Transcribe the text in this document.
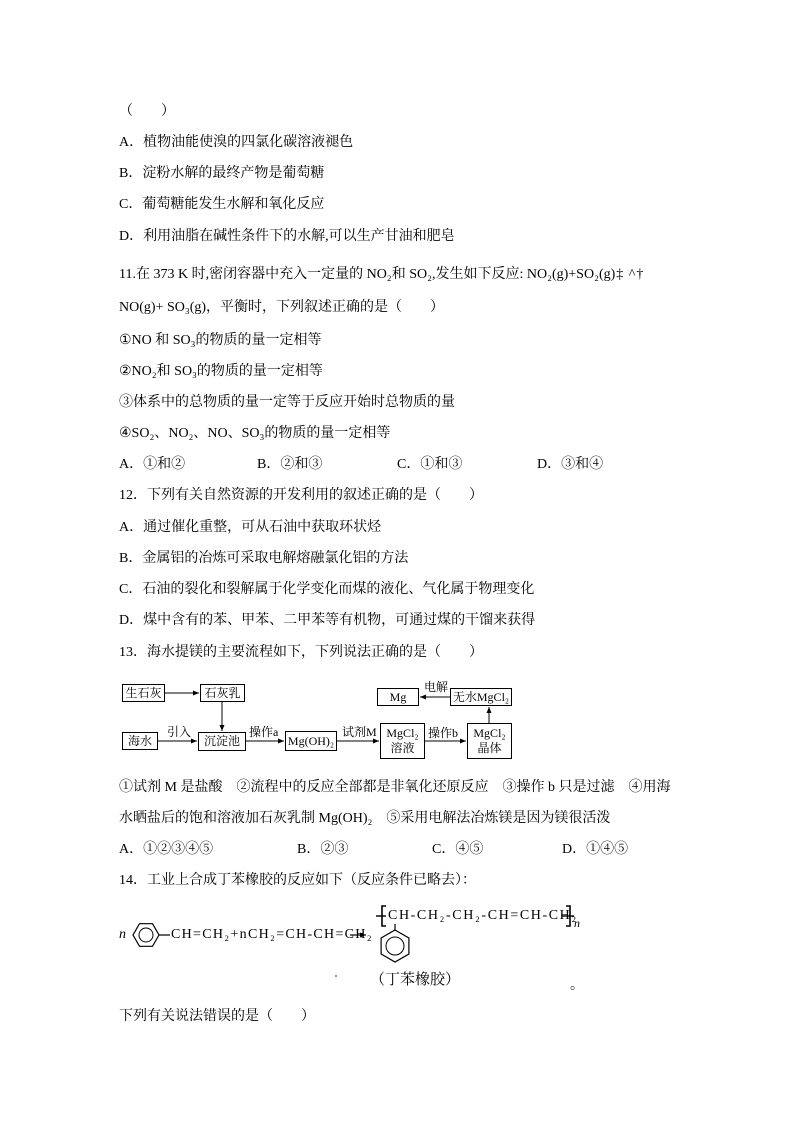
（　　）
A．植物油能使溴的四氯化碳溶液褪色
B．淀粉水解的最终产物是葡萄糖
C．葡萄糖能发生水解和氧化反应
D．利用油脂在碱性条件下的水解,可以生产甘油和肥皂
11.在 373 K 时,密闭容器中充入一定量的 NO₂和 SO₂,发生如下反应: NO₂(g)+SO₂(g)‡ ^†
NO(g)+ SO₃(g)，平衡时，下列叙述正确的是（　　）
①NO 和 SO₃的物质的量一定相等
②NO₂和 SO₃的物质的量一定相等
③体系中的总物质的量一定等于反应开始时总物质的量
④SO₂、NO₂、NO、SO₃的物质的量一定相等
A．①和②	B．②和③	C．①和③	D．③和④
12．下列有关自然资源的开发利用的叙述正确的是（　　）
A．通过催化重整，可从石油中获取环状烃
B．金属铝的冶炼可采取电解熔融氯化铝的方法
C．石油的裂化和裂解属于化学变化而煤的液化、气化属于物理变化
D．煤中含有的苯、甲苯、二甲苯等有机物，可通过煤的干馏来获得
13．海水提镁的主要流程如下，下列说法正确的是（　　）
生石灰	石灰乳
海水	沉淀池	Mg(OH)₂
MgCl₂
溶液
MgCl₂
晶体
无水MgCl₂
Mg
引入	操作a	试剂M	操作b
电解
①试剂 M 是盐酸　②流程中的反应全部都是非氧化还原反应　③操作 b 只是过滤　④用海
水晒盐后的饱和溶液加石灰乳制 Mg(OH)₂　⑤采用电解法冶炼镁是因为镁很活泼
A．①②③④⑤	B．②③	C．④⑤	D．①④⑤
14．工业上合成丁苯橡胶的反应如下（反应条件已略去）：
n	CH=CH₂+nCH₂=CH-CH=CH₂
CH-CH₂-CH₂-CH=CH-CH₂
n
（丁苯橡胶）	。
下列有关说法错误的是（　　）
